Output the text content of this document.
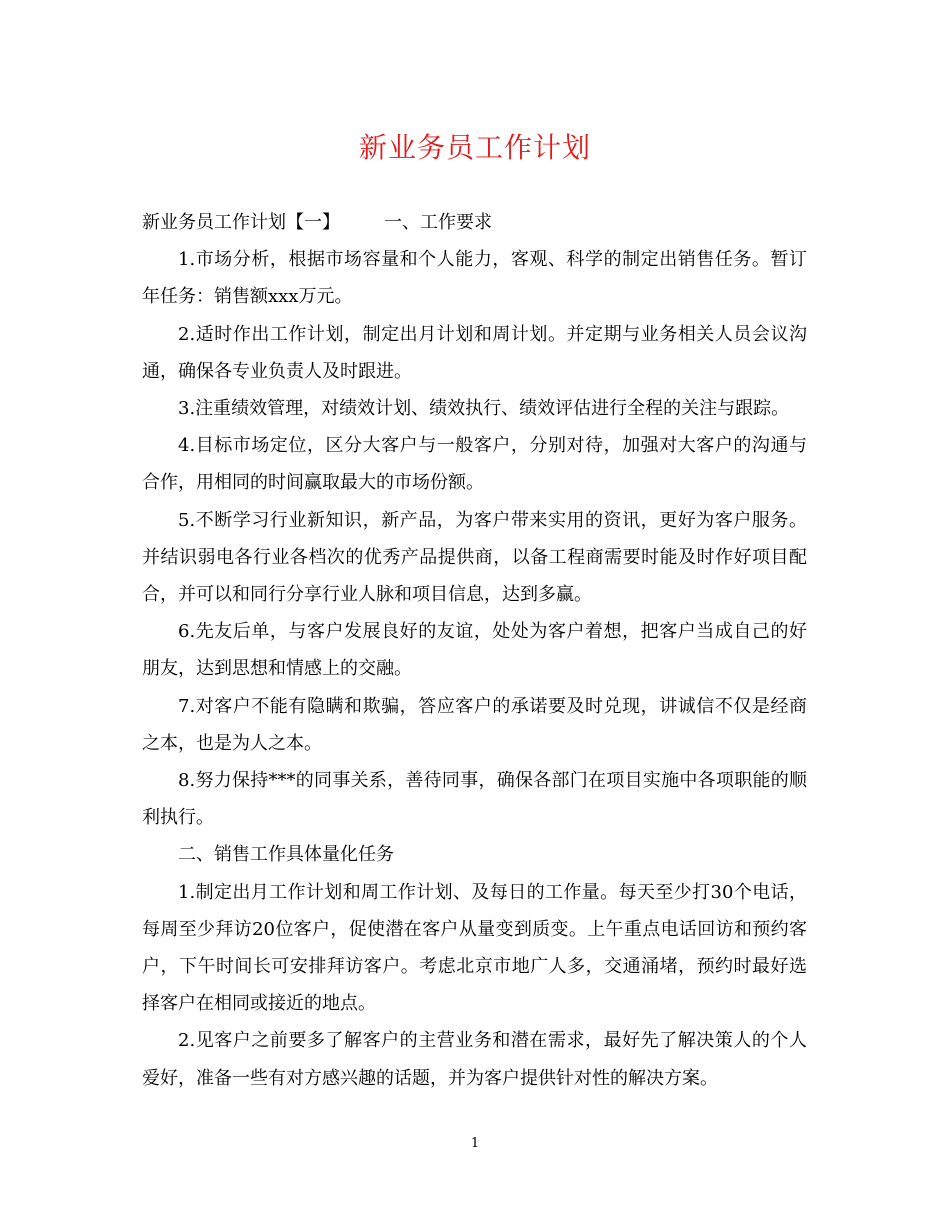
新业务员工作计划

新业务员工作计划【一】 一、工作要求

1.市场分析，根据市场容量和个人能力，客观、科学的制定出销售任务。暂订年任务：销售额xxx万元。

2.适时作出工作计划，制定出月计划和周计划。并定期与业务相关人员会议沟通，确保各专业负责人及时跟进。

3.注重绩效管理，对绩效计划、绩效执行、绩效评估进行全程的关注与跟踪。

4.目标市场定位，区分大客户与一般客户，分别对待，加强对大客户的沟通与合作，用相同的时间赢取最大的市场份额。

5.不断学习行业新知识，新产品，为客户带来实用的资讯，更好为客户服务。并结识弱电各行业各档次的优秀产品提供商，以备工程商需要时能及时作好项目配合，并可以和同行分享行业人脉和项目信息，达到多赢。

6.先友后单，与客户发展良好的友谊，处处为客户着想，把客户当成自己的好朋友，达到思想和情感上的交融。

7.对客户不能有隐瞒和欺骗，答应客户的承诺要及时兑现，讲诚信不仅是经商之本，也是为人之本。

8.努力保持***的同事关系，善待同事，确保各部门在项目实施中各项职能的顺利执行。

二、销售工作具体量化任务

1.制定出月工作计划和周工作计划、及每日的工作量。每天至少打30个电话，每周至少拜访20位客户，促使潜在客户从量变到质变。上午重点电话回访和预约客户，下午时间长可安排拜访客户。考虑北京市地广人多，交通涌堵，预约时最好选择客户在相同或接近的地点。

2.见客户之前要多了解客户的主营业务和潜在需求，最好先了解决策人的个人爱好，准备一些有对方感兴趣的话题，并为客户提供针对性的解决方案。

1
